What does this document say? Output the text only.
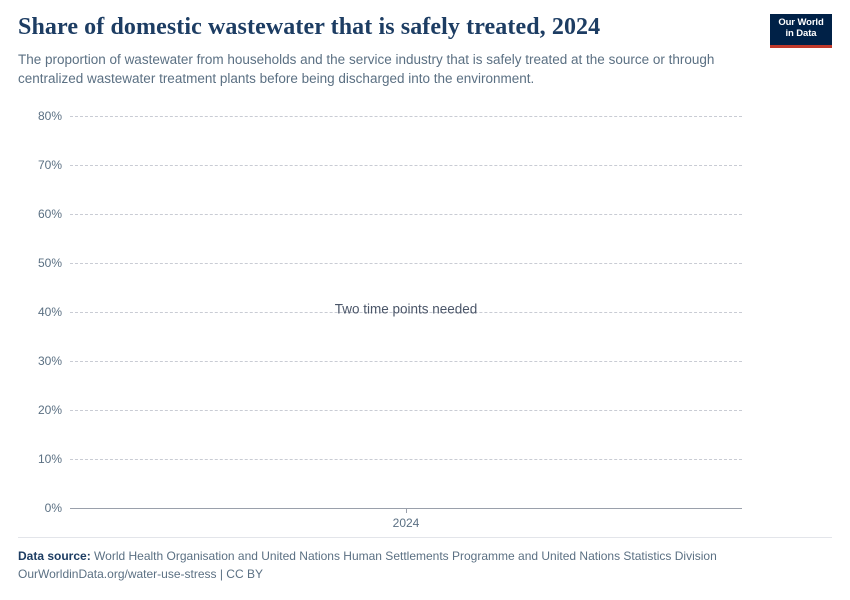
Share of domestic wastewater that is safely treated, 2024

The proportion of wastewater from households and the service industry that is safely treated at the source or through centralized wastewater treatment plants before being discharged into the environment.

Our World
in Data
0%
10%
20%
30%
40%
50%
60%
70%
80%
2024
Two time points needed
Data source: World Health Organisation and United Nations Human Settlements Programme and United Nations Statistics Division
OurWorldinData.org/water-use-stress | CC BY
